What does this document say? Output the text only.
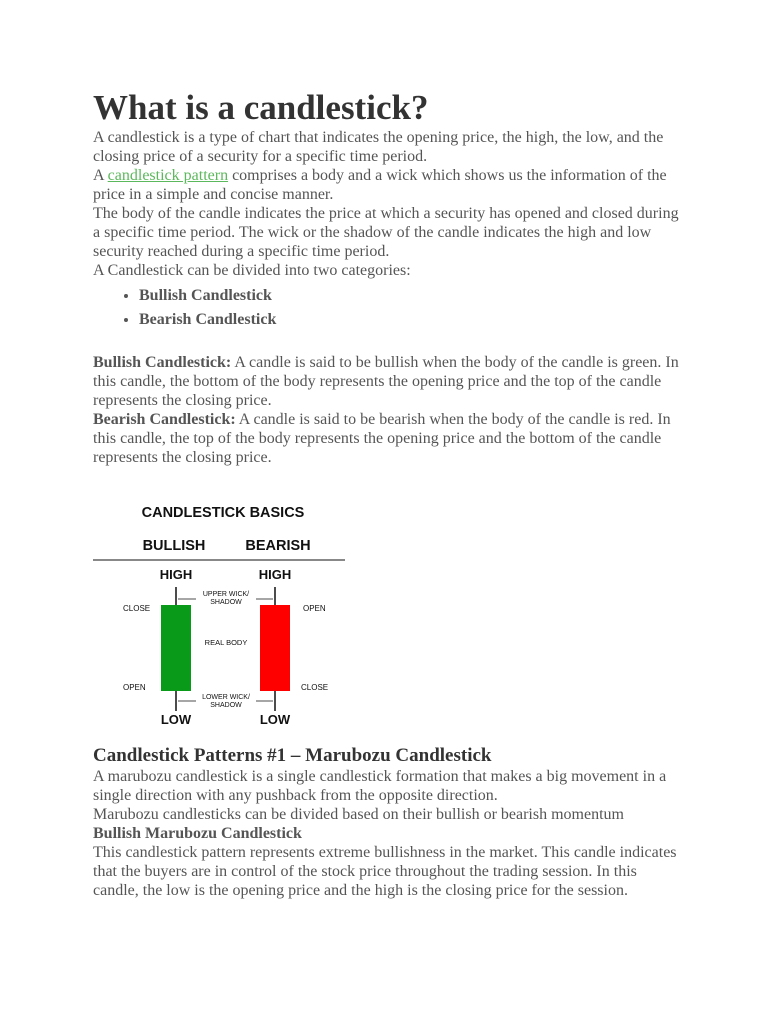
What is a candlestick?

A candlestick is a type of chart that indicates the opening price, the high, the low, and the closing price of a security for a specific time period.

A candlestick pattern comprises a body and a wick which shows us the information of the price in a simple and concise manner.

The body of the candle indicates the price at which a security has opened and closed during a specific time period. The wick or the shadow of the candle indicates the high and low security reached during a specific time period.

A Candlestick can be divided into two categories:

• Bullish Candlestick
• Bearish Candlestick

Bullish Candlestick: A candle is said to be bullish when the body of the candle is green. In this candle, the bottom of the body represents the opening price and the top of the candle represents the closing price.

Bearish Candlestick: A candle is said to be bearish when the body of the candle is red. In this candle, the top of the body represents the opening price and the bottom of the candle represents the closing price.

CANDLESTICK BASICS
BULLISH	BEARISH
HIGH
LOW
CLOSE
OPEN
HIGH
LOW
OPEN
CLOSE
UPPER WICK/
SHADOW
REAL BODY
LOWER WICK/
SHADOW
Candlestick Patterns #1 – Marubozu Candlestick

A marubozu candlestick is a single candlestick formation that makes a big movement in a single direction with any pushback from the opposite direction.

Marubozu candlesticks can be divided based on their bullish or bearish momentum

Bullish Marubozu Candlestick

This candlestick pattern represents extreme bullishness in the market. This candle indicates that the buyers are in control of the stock price throughout the trading session. In this candle, the low is the opening price and the high is the closing price for the session.
